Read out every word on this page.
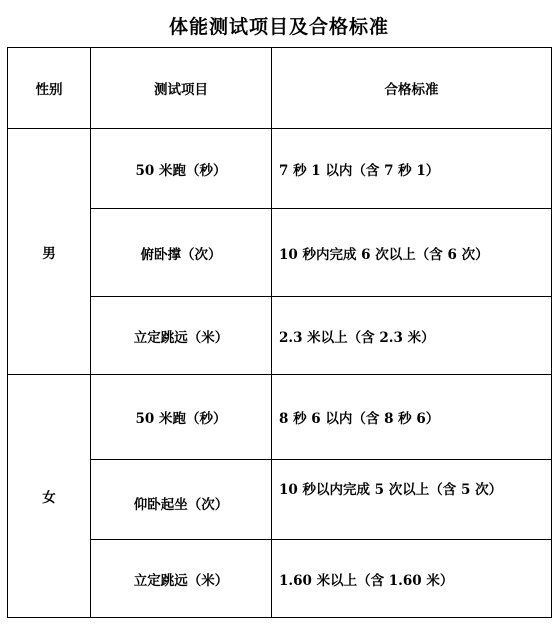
体能测试项目及合格标准
性别	测试项目	合格标准
男	50 米跑（秒）	7 秒 1 以内（含 7 秒 1）
	俯卧撑（次）	10 秒内完成 6 次以上（含 6 次）
	立定跳远（米）	2.3 米以上（含 2.3 米）
女	50 米跑（秒）	8 秒 6 以内（含 8 秒 6）
	仰卧起坐（次）	10 秒以内完成 5 次以上（含 5 次）
	立定跳远（米）	1.60 米以上（含 1.60 米）
